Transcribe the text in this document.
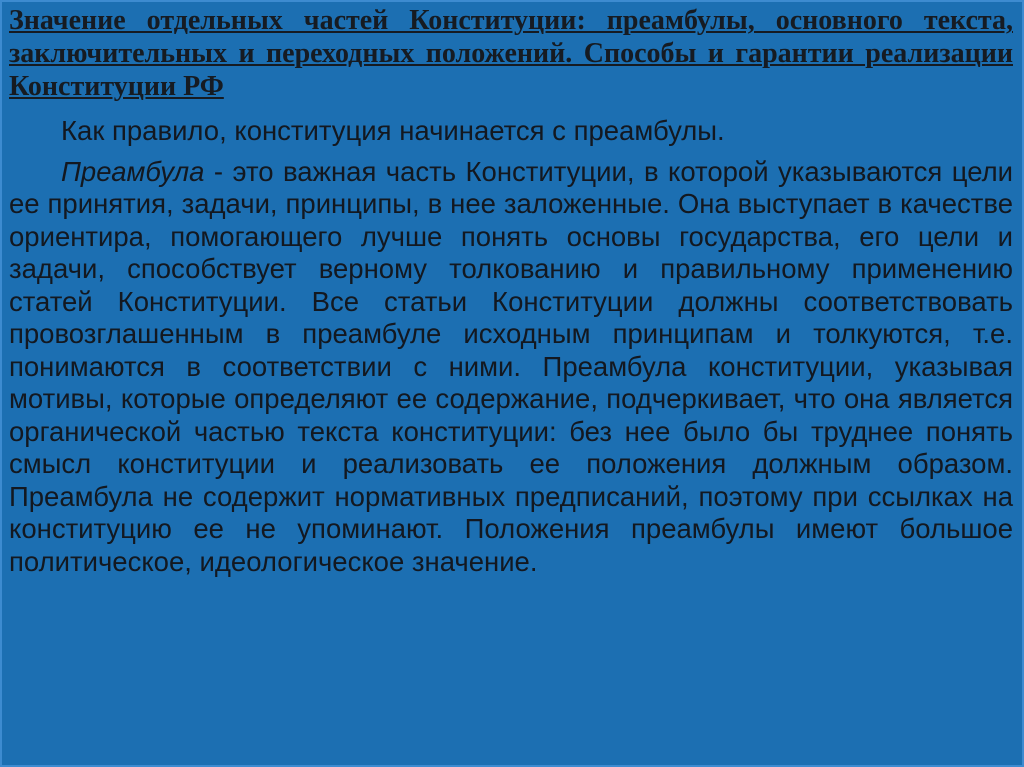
Значение отдельных частей Конституции: преамбулы, основного текста, заключительных и переходных положений. Способы и гарантии реализации Конституции РФ

Как правило, конституция начинается с преамбулы.

Преамбула - это важная часть Конституции, в которой указываются цели ее принятия, задачи, принципы, в нее заложенные. Она выступает в качестве ориентира, помогающего лучше понять основы государства, его цели и задачи, способствует верному толкованию и правильному применению статей Конституции. Все статьи Конституции должны соответствовать провозглашенным в преамбуле исходным принципам и толкуются, т.е. понимаются в соответствии с ними. Преамбула конституции, указывая мотивы, которые определяют ее содержание, подчеркивает, что она является органической частью текста конституции: без нее было бы труднее понять смысл конституции и реализовать ее положения должным образом. Преамбула не содержит нормативных предписаний, поэтому при ссылках на конституцию ее не упоминают. Положения преамбулы имеют большое политическое, идеологическое значение.
